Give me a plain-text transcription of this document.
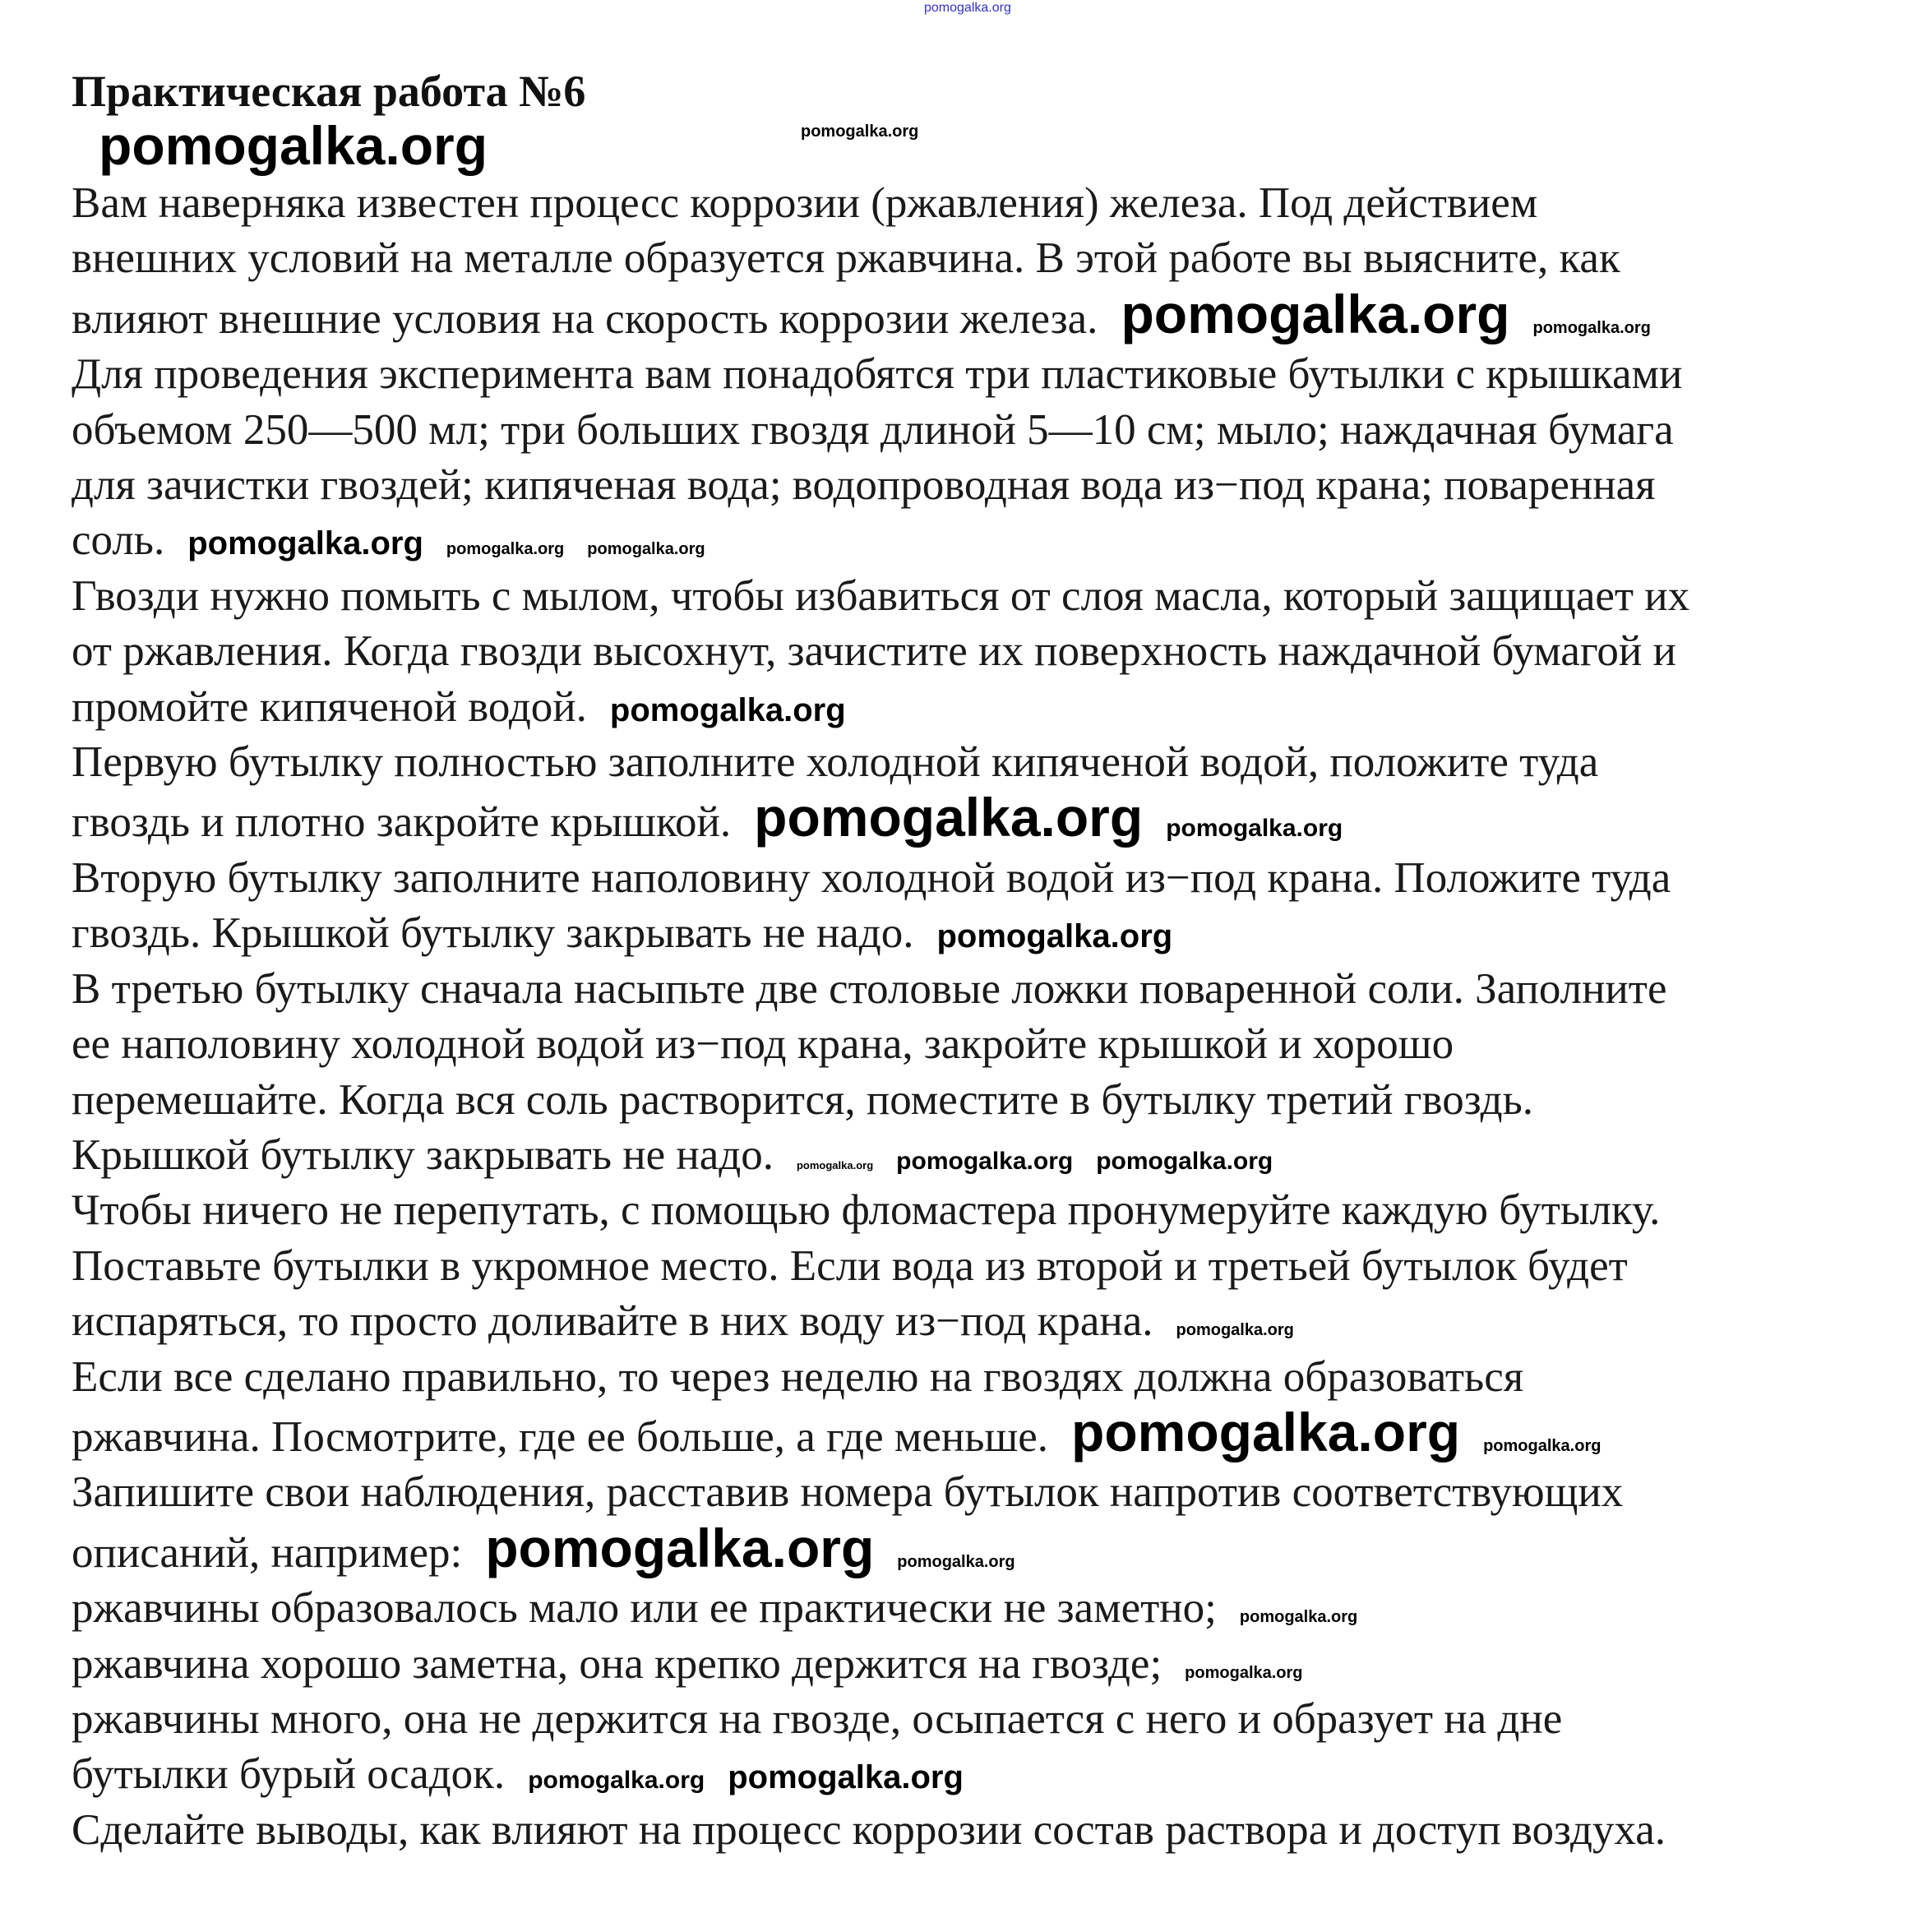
pomogalka.org
Практическая работа №6
pomogalka.org	pomogalka.org
Вам наверняка известен процесс коррозии (ржавления) железа. Под действием
внешних условий на металле образуется ржавчина. В этой работе вы выясните, как
влияют внешние условия на скорость коррозии железа. pomogalka.org pomogalka.org
Для проведения эксперимента вам понадобятся три пластиковые бутылки с крышками
объемом 250—500 мл; три больших гвоздя длиной 5—10 см; мыло; наждачная бумага
для зачистки гвоздей; кипяченая вода; водопроводная вода из−под крана; поваренная
соль. pomogalka.org pomogalka.org pomogalka.org
Гвозди нужно помыть с мылом, чтобы избавиться от слоя масла, который защищает их
от ржавления. Когда гвозди высохнут, зачистите их поверхность наждачной бумагой и
промойте кипяченой водой. pomogalka.org
Первую бутылку полностью заполните холодной кипяченой водой, положите туда
гвоздь и плотно закройте крышкой. pomogalka.org pomogalka.org
Вторую бутылку заполните наполовину холодной водой из−под крана. Положите туда
гвоздь. Крышкой бутылку закрывать не надо. pomogalka.org
В третью бутылку сначала насыпьте две столовые ложки поваренной соли. Заполните
ее наполовину холодной водой из−под крана, закройте крышкой и хорошо
перемешайте. Когда вся соль растворится, поместите в бутылку третий гвоздь.
Крышкой бутылку закрывать не надо. pomogalka.org pomogalka.org pomogalka.org
Чтобы ничего не перепутать, с помощью фломастера пронумеруйте каждую бутылку.
Поставьте бутылки в укромное место. Если вода из второй и третьей бутылок будет
испаряться, то просто доливайте в них воду из−под крана. pomogalka.org
Если все сделано правильно, то через неделю на гвоздях должна образоваться
ржавчина. Посмотрите, где ее больше, а где меньше. pomogalka.org pomogalka.org
Запишите свои наблюдения, расставив номера бутылок напротив соответствующих
описаний, например: pomogalka.org pomogalka.org
ржавчины образовалось мало или ее практически не заметно; pomogalka.org
ржавчина хорошо заметна, она крепко держится на гвозде; pomogalka.org
ржавчины много, она не держится на гвозде, осыпается с него и образует на дне
бутылки бурый осадок. pomogalka.org pomogalka.org
Сделайте выводы, как влияют на процесс коррозии состав раствора и доступ воздуха.
